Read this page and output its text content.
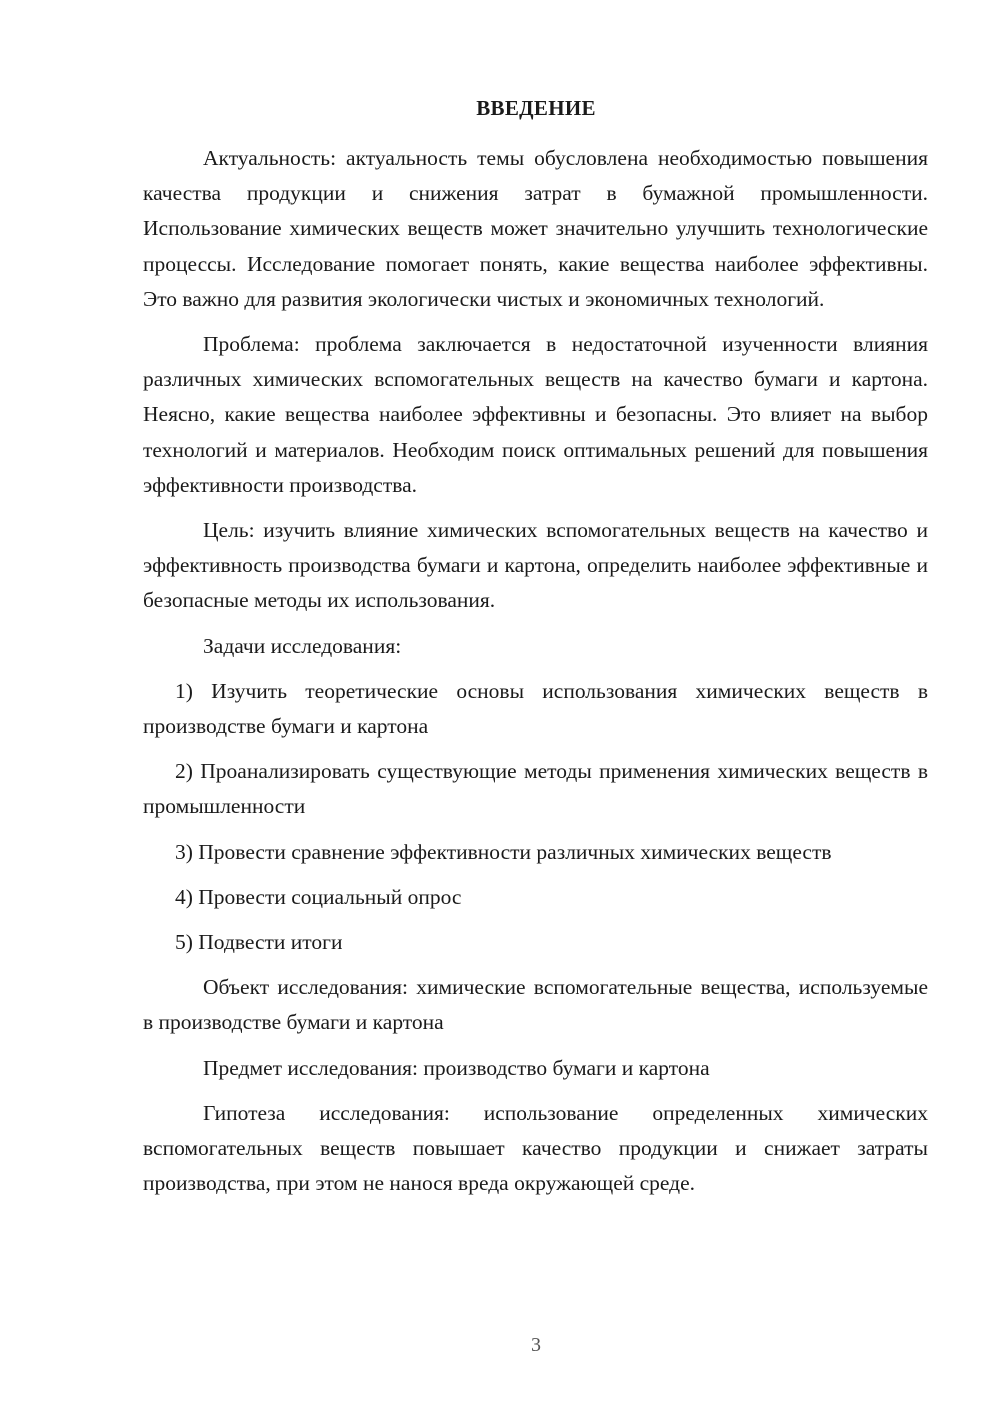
ВВЕДЕНИЕ

Актуальность: актуальность темы обусловлена необходимостью повышения качества продукции и снижения затрат в бумажной промышленности. Использование химических веществ может значительно улучшить технологические процессы. Исследование помогает понять, какие вещества наиболее эффективны. Это важно для развития экологически чистых и экономичных технологий.

Проблема: проблема заключается в недостаточной изученности влияния различных химических вспомогательных веществ на качество бумаги и картона. Неясно, какие вещества наиболее эффективны и безопасны. Это влияет на выбор технологий и материалов. Необходим поиск оптимальных решений для повышения эффективности производства.

Цель: изучить влияние химических вспомогательных веществ на качество и эффективность производства бумаги и картона, определить наиболее эффективные и безопасные методы их использования.

Задачи исследования:

1) Изучить теоретические основы использования химических веществ в производстве бумаги и картона

2) Проанализировать существующие методы применения химических веществ в промышленности

3) Провести сравнение эффективности различных химических веществ

4) Провести социальный опрос

5) Подвести итоги

Объект исследования: химические вспомогательные вещества, используемые в производстве бумаги и картона

Предмет исследования: производство бумаги и картона

Гипотеза исследования: использование определенных химических вспомогательных веществ повышает качество продукции и снижает затраты производства, при этом не нанося вреда окружающей среде.

3
